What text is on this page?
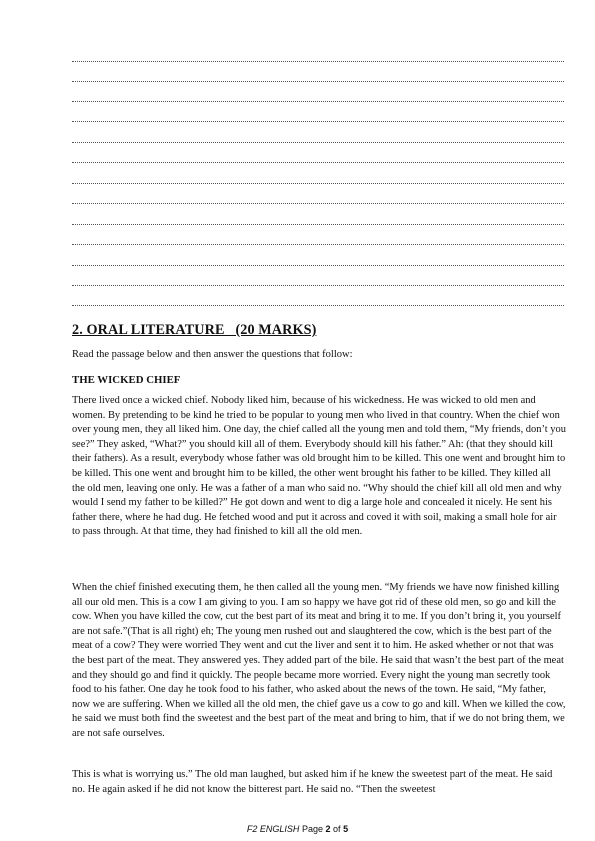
2. ORAL LITERATURE   (20 MARKS)
Read the passage below and then answer the questions that follow:
THE WICKED CHIEF
There lived once a wicked chief. Nobody liked him, because of his wickedness. He was wicked to old men and women. By pretending to be kind he tried to be popular to young men who lived in that country. When the chief won over young men, they all liked him. One day, the chief called all the young men and told them, “My friends, don’t you see?” They asked, “What?” you should kill all of them. Everybody should kill his father.” Ah: (that they should kill their fathers). As a result, everybody whose father was old brought him to be killed. This one went and brought him to be killed. This one went and brought him to be killed, the other went brought his father to be killed. They killed all the old men, leaving one only. He was a father of a man who said no. “Why should the chief kill all old men and why would I send my father to be killed?” He got down and went to dig a large hole and concealed it nicely. He sent his father there, where he had dug. He fetched wood and put it across and coved it with soil, making a small hole for air to pass through. At that time, they had finished to kill all the old men.
When the chief finished executing them, he then called all the young men. “My friends we have now finished killing all our old men. This is a cow I am giving to you. I am so happy we have got rid of these old men, so go and kill the cow. When you have killed the cow, cut the best part of its meat and bring it to me. If you don’t bring it, you yourself are not safe.”(That is all right) eh; The young men rushed out and slaughtered the cow, which is the best part of the meat of a cow? They were worried They went and cut the liver and sent it to him. He asked whether or not that was the best part of the meat. They answered yes. They added part of the bile. He said that wasn’t the best part of the meat and they should go and find it quickly. The people became more worried. Every night the young man secretly took food to his father. One day he took food to his father, who asked about the news of the town. He said, “My father, now we are suffering. When we killed all the old men, the chief gave us a cow to go and kill. When we killed the cow, he said we must both find the sweetest and the best part of the meat and bring to him, that if we do not bring them, we are not safe ourselves.
This is what is worrying us.” The old man laughed, but asked him if he knew the sweetest part of the meat. He said no. He again asked if he did not know the bitterest part. He said no. “Then the sweetest
F2 ENGLISH Page 2 of 5
